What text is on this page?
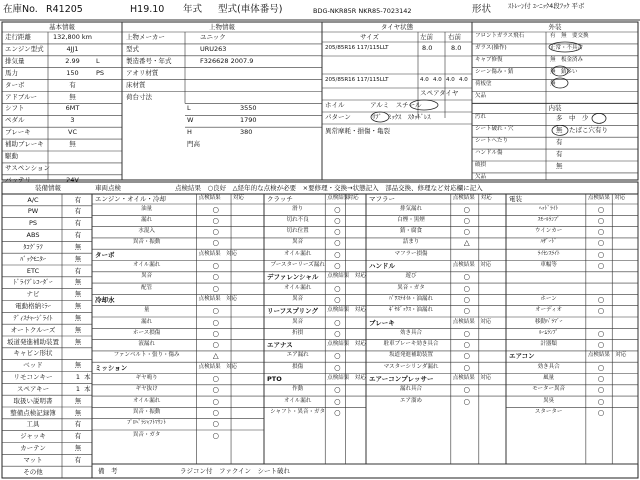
在庫No. R41205	H19.10 年式 型式(車体番号)	BDG-NKR85R NKR85-7023142	形状	ｽﾄﾚｰﾝ付 ﾕｰﾆｯｸ4段ﾌｯｸ 平ボ
基本情報
走行距離	132,800 km
エンジン型式	4JJ1
排気量	2.99	L
馬力	150	PS
ターボ	有
アドブルー	無
シフト	6MT
ペダル	3
ブレーキ	VC
補助ブレーキ	無
駆動
サスペンション
バッテリー	24V
上物情報
上物メーカー	ユニック
型式	URU263
製造番号・年式	F326628 2007.9
アオリ材質
床材質
荷台寸法
L	3550
W	1790
H	380
門高
タイヤ状態
サイズ	左前 右前
205/85R16 117/115LLT	8.0	8.0
205/85R16 117/115LLT	4.0 4.0 4.0 4.0
スペアタイヤ
ホイル	アルミ　スチール
パターン	ﾘﾌﾞ　ﾐｯｸｽ　ｽﾀｯﾄﾞﾚｽ
異常摩耗・損傷・亀裂
外装
フロントガラス飛石	有　無　要交換
ガラス(操作)	正常・不具合
キャブ修復	無　板金済み
シーン傷み・錆	無　錆多い
荷板塗	無
欠品
内装
汚れ	多　中　少
シート破れ・穴	無　たばこ穴有り
シートへたり	有
ハンドル傷	有
破損	無
欠品
装備情報	車両点検	点検結果　○良好　△経年的な点検が必要　×要修理・交換→状態記入　部品交換、修理など対応欄に記入
A/C	有
PW	有
PS	有
ABS	有
ﾀｺｸﾞﾗﾌ	無
ﾊﾞｯｸﾓﾆﾀｰ	無
ETC	有
ﾄﾞﾗｲﾌﾞﾚｺｰﾀﾞｰ	無
ナビ	無
電動格納ﾐﾗｰ	無
ﾃﾞｨｽﾁｬｰｼﾞﾗｲﾄ	無
オートクルーズ	無
坂道発進補助装置	無
キャビン形状
ベッド	無
リモコンキー	1 本
スペアキー	1 本
取扱い説明書	無
整備点検記録簿	無
工具	有
ジャッキ	有
カーテン	無
マット	有
その他
エンジン・オイル・冷却	点検結果 対応
油量	○
漏れ	○
水混入	○
異音・振動	○
ターボ	点検結果　対応
オイル漏れ	○
異音	○
配管	○
冷却水	点検結果　対応
量	○
漏れ	○
ホース損傷	○
液漏れ	○
ファンベルト・張り・傷み	△
ミッション	点検結果　対応
ギヤ鳴り	○
ギヤ抜け	○
オイル漏れ	○
異音・振動	○
ﾌﾟﾛﾍﾟﾗｼｬﾌﾄﾏｳﾝﾄ	○
異音・ガタ	○
クラッチ	点検結果
対応
滑り	○
切れ不良	○
切れ位置	○
異音	○
オイル漏れ	○
ブースターリーズ漏れ	○
デファレンシャル	点検結果　対応
オイル漏れ	○
異音	○
リーフスプリング	点検結果　対応
異音	○
折損	○
エアナス	点検結果　対応
エア漏れ	○
損傷	○
PTO	点検結果　対応
作動	○
オイル漏れ	○
シャフト・異音・ガタ	○
マフラー	点検結果 対応
排気漏れ	○
白煙・黒煙	○
錆・腐食	○
詰まり	△
マフラー損傷
ハンドル	点検結果　対応
遊び	○
異音・ガタ	○
ﾊﾟﾜｽﾃｵｲﾙ・油漏れ	○
ｷﾞﾔﾎﾞｯｸｽ・油漏れ	○
ブレーキ	点検結果　対応
効き具合	○
駐車ブレーキ効き具合	○
坂道発進補助装置	○
マスターシリンダ漏れ	○
エアーコンプレッサー	点検結果　対応
漏れ具合	○
エア溜め	○
電装	点検結果 対応
ﾍｯﾄﾞﾗｲﾄ	○
ｽﾓｰﾙﾗﾝﾌﾟ	○
ウインカー	○
ﾊｻﾞｰﾄﾞ	○
ﾗｲｾﾝｽﾗｲﾄ	○
車幅等	○
ホーン	○
オーディオ	○
移動ﾊﾞﾗﾏﾞｰ
ﾙｰﾑﾗﾝﾌﾟ	○
計器類	○
エアコン	点検結果　対応
効き具合	○
風量	○
モーター異音	○
異臭	○
スターター	○
備　考	ラジコン付　ファクイン　シート破れ
